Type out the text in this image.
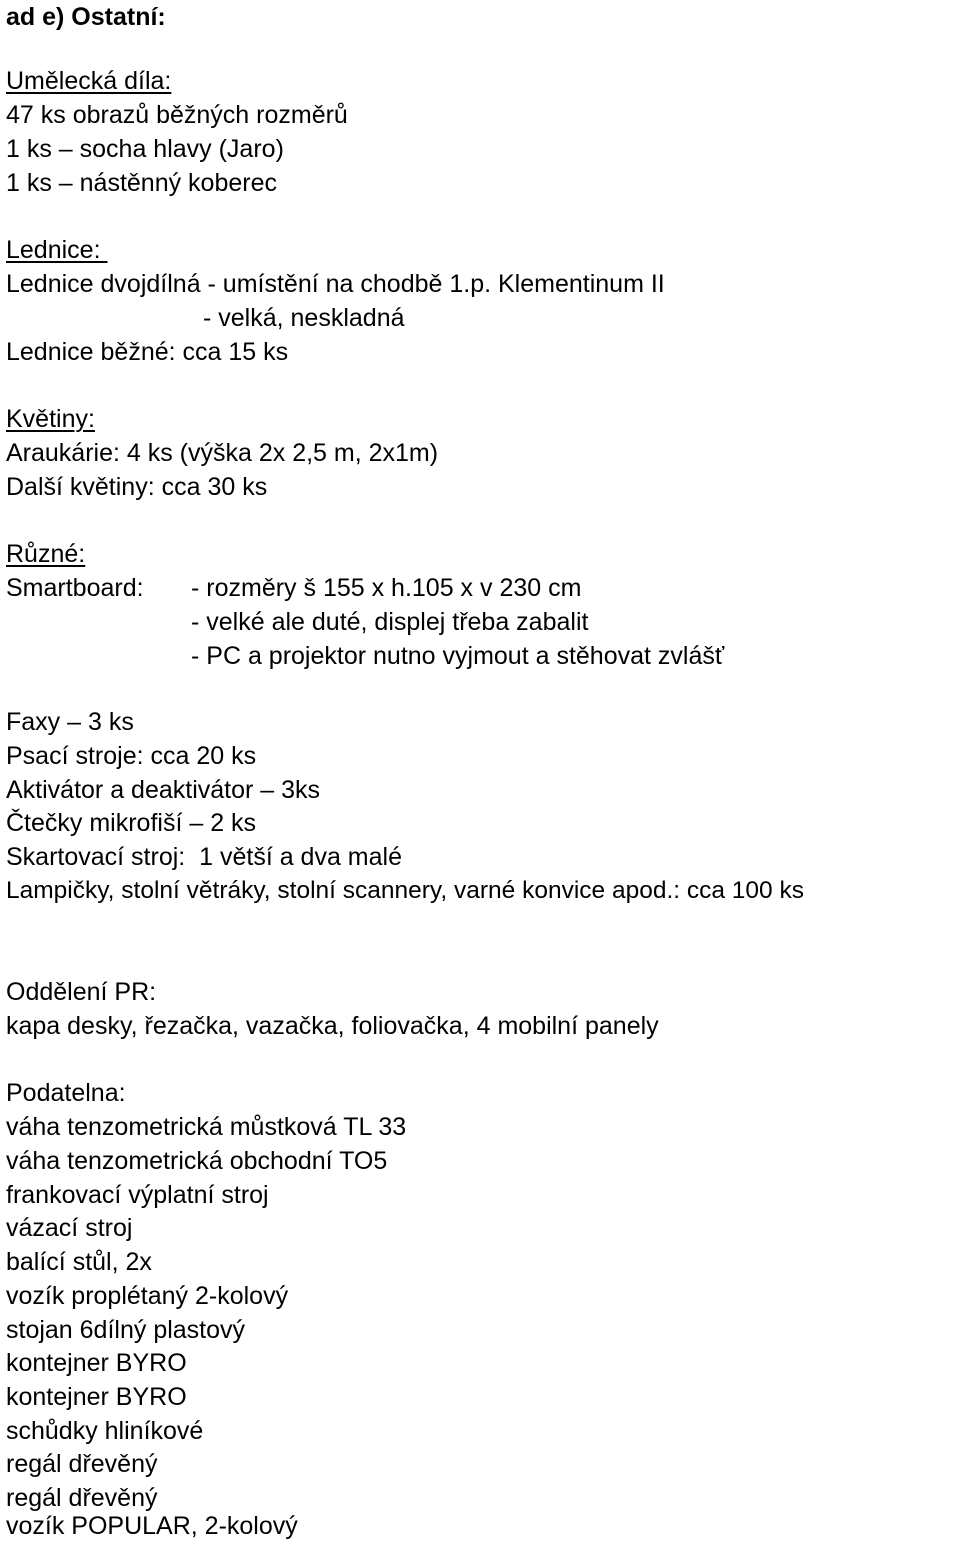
ad e) Ostatní:
Umělecká díla:
47 ks obrazů běžných rozměrů
1 ks – socha hlavy (Jaro)
1 ks – nástěnný koberec
Lednice:
Lednice dvojdílná - umístění na chodbě 1.p. Klementinum II
- velká, neskladná
Lednice běžné: cca 15 ks
Květiny:
Araukárie: 4 ks (výška 2x 2,5 m, 2x1m)
Další květiny: cca 30 ks
Různé:
Smartboard: - rozměry š 155 x h.105 x v 230 cm
- velké ale duté, displej třeba zabalit
- PC a projektor nutno vyjmout a stěhovat zvlášť
Faxy – 3 ks
Psací stroje: cca 20 ks
Aktivátor a deaktivátor – 3ks
Čtečky mikrofiší – 2 ks
Skartovací stroj:  1 větší a dva malé
Lampičky, stolní větráky, stolní scannery, varné konvice apod.: cca 100 ks
Oddělení PR:
kapa desky, řezačka, vazačka, foliovačka, 4 mobilní panely
Podatelna:
váha tenzometrická můstková TL 33
váha tenzometrická obchodní TO5
frankovací výplatní stroj
vázací stroj
balící stůl, 2x
vozík proplétaný 2-kolový
stojan 6dílný plastový
kontejner BYRO
kontejner BYRO
schůdky hliníkové
regál dřevěný
regál dřevěný
vozík POPULAR, 2-kolový
